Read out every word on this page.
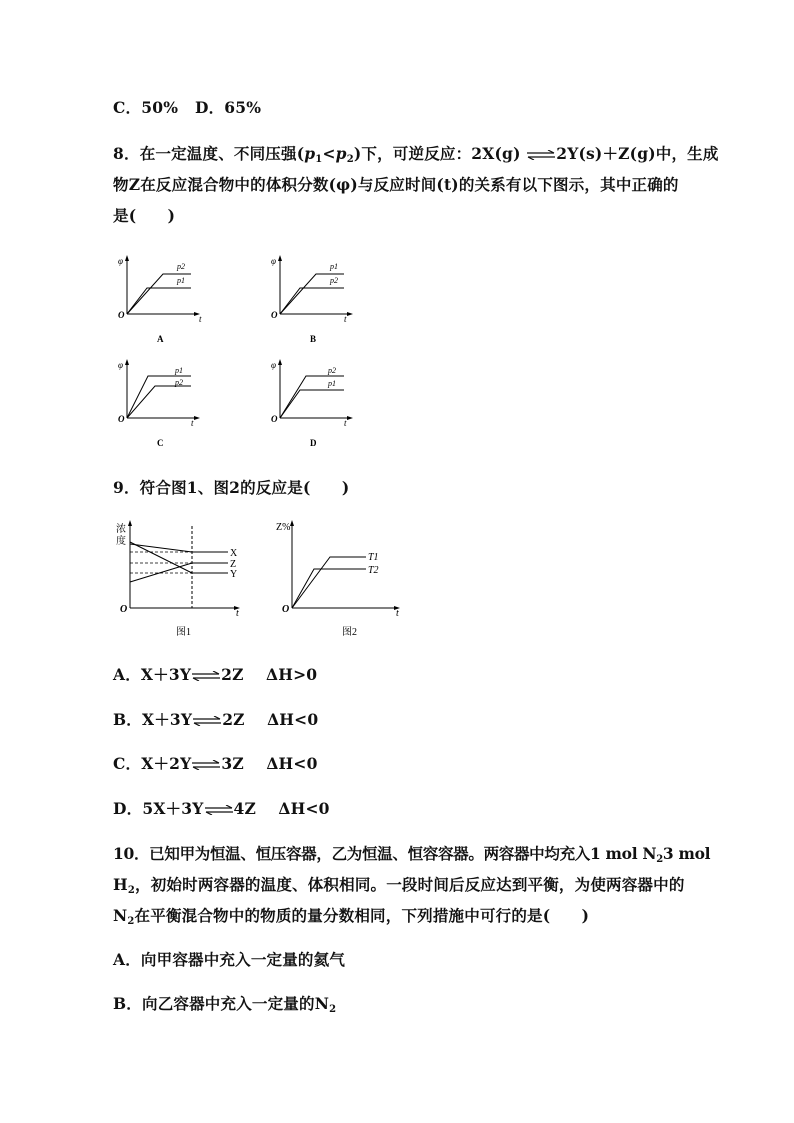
C．50% D．65%
8．在一定温度、不同压强$(p_1<p_2)$下，可逆反应：2X(g) ⇌2Y(s)＋Z(g)中，生成
物Z在反应混合物中的体积分数(φ)与反应时间(t)的关系有以下图示，其中正确的
是(　　)
φ
O	t
p2
p1
A
φ
O	t
p1
p2
B
φ
O	t
p1
p2
C
φ
O	t
p2
p1
D
9．符合图1、图2的反应是(　　)
浓
度
O	t
X
Z
Y
图1
Z%
O	t
T1
T2
图2
A．X＋3Y⇌2Z ΔH>0
B．X＋3Y⇌2Z ΔH<0
C．X＋2Y⇌3Z ΔH<0
D．5X＋3Y⇌4Z ΔH<0
10．已知甲为恒温、恒压容器，乙为恒温、恒容容器。两容器中均充入1 mol $N_23$ mol
$H_2$，初始时两容器的温度、体积相同。一段时间后反应达到平衡，为使两容器中的
$N_2$在平衡混合物中的物质的量分数相同，下列措施中可行的是(　　)
A．向甲容器中充入一定量的氦气
B．向乙容器中充入一定量的$N_2$
